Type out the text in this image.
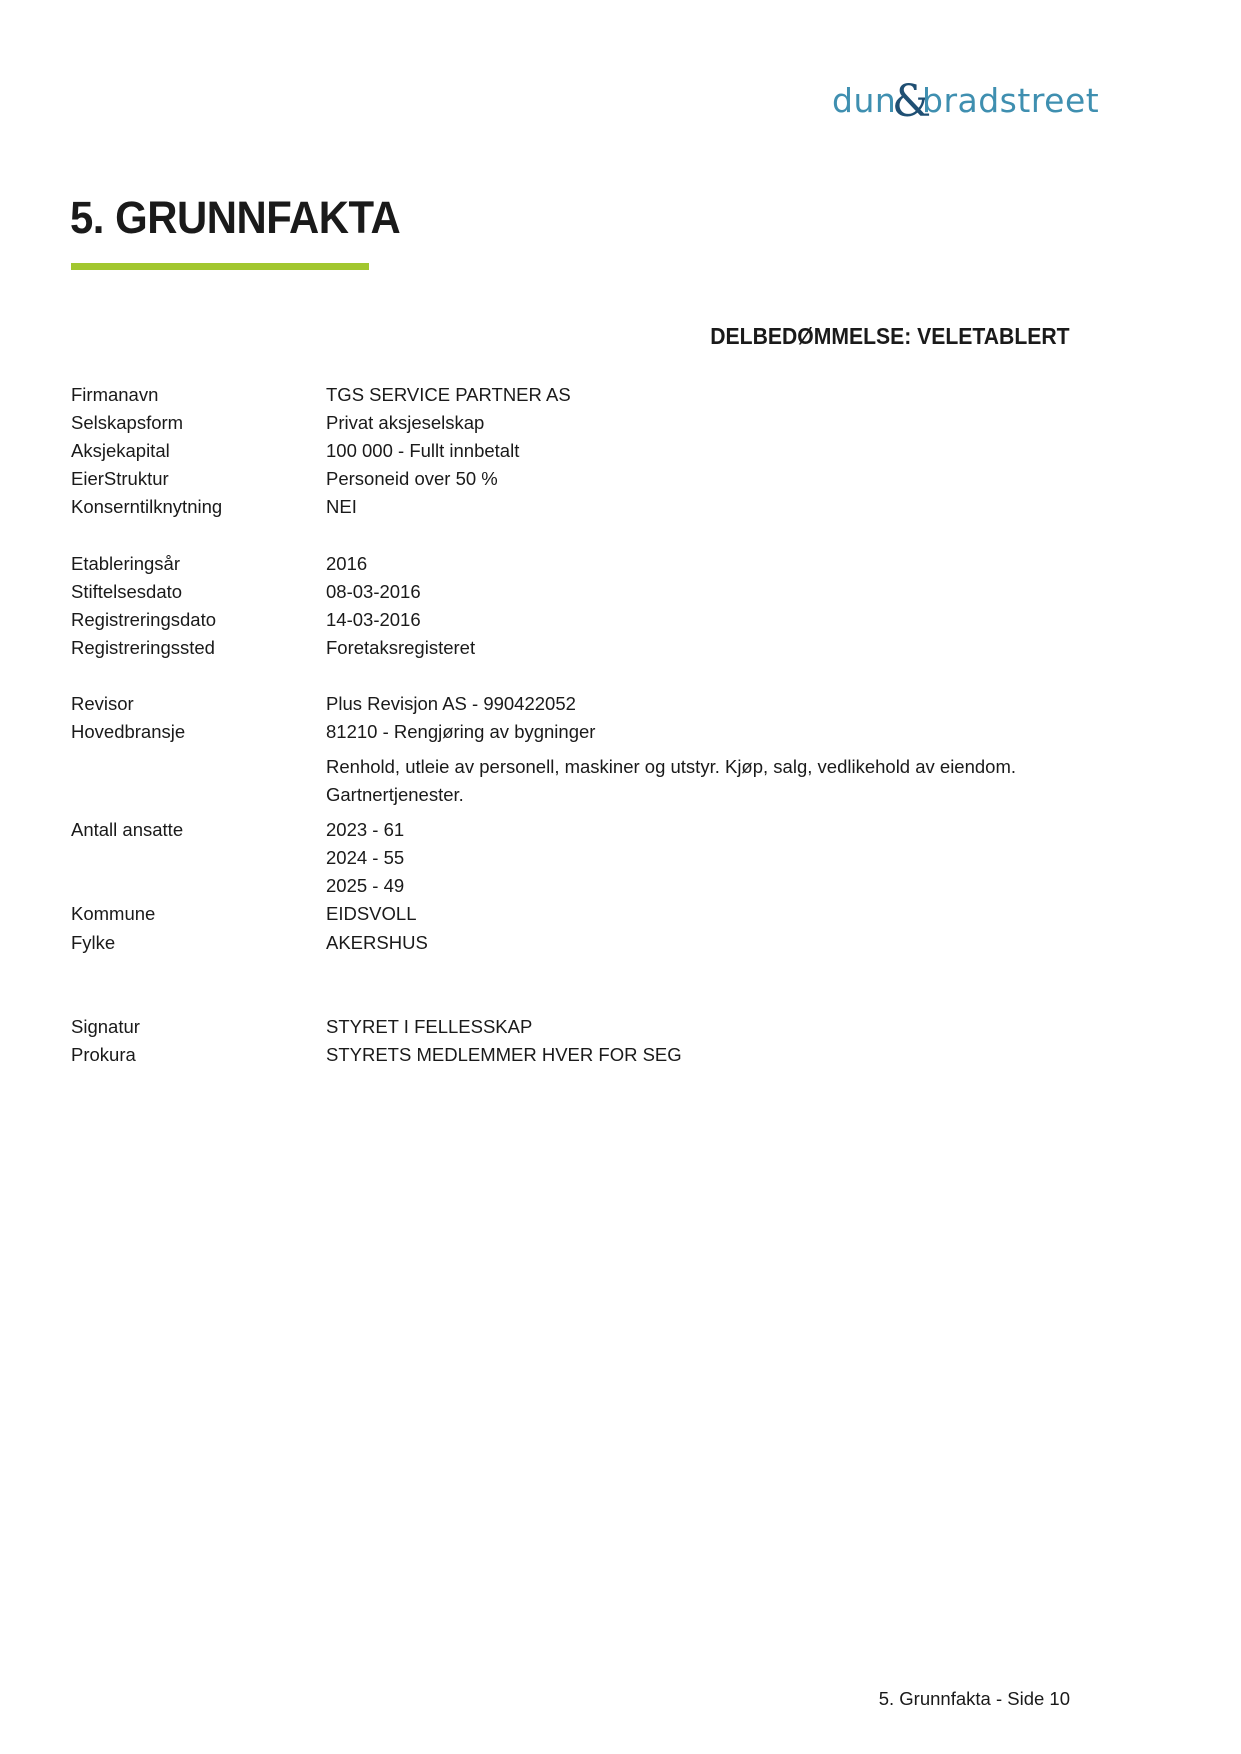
dun
&
bradstreet
5. GRUNNFAKTA
DELBEDØMMELSE: VELETABLERT
Firmanavn	TGS SERVICE PARTNER AS
Selskapsform	Privat aksjeselskap
Aksjekapital	100 000 - Fullt innbetalt
EierStruktur	Personeid over 50 %
Konserntilknytning	NEI
Etableringsår	2016
Stiftelsesdato	08-03-2016
Registreringsdato	14-03-2016
Registreringssted	Foretaksregisteret
Revisor	Plus Revisjon AS - 990422052
Hovedbransje	81210 - Rengjøring av bygninger
Renhold, utleie av personell, maskiner og utstyr. Kjøp, salg, vedlikehold av eiendom. Gartnertjenester.
Antall ansatte	2023 - 61
2024 - 55
2025 - 49
Kommune	EIDSVOLL
Fylke	AKERSHUS
Signatur	STYRET I FELLESSKAP
Prokura	STYRETS MEDLEMMER HVER FOR SEG
5. Grunnfakta - Side 10
